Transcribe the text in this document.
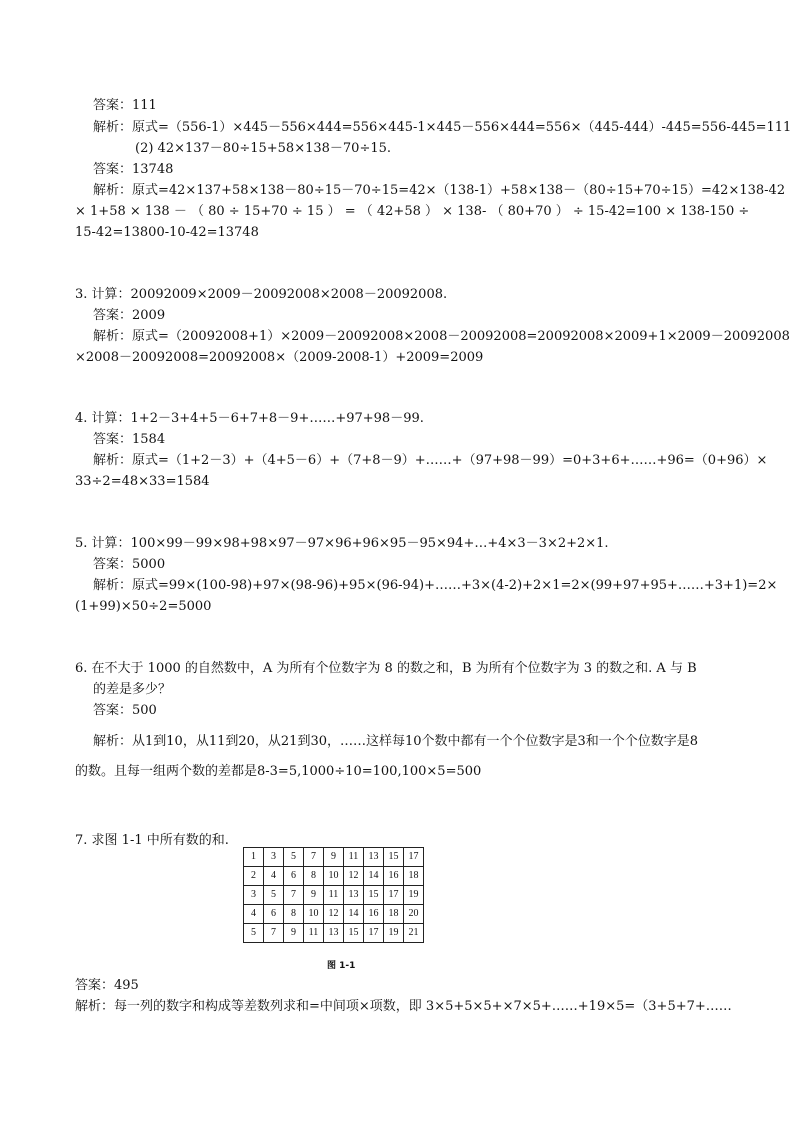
答案：111
解析：原式=（556-1）×445－556×444=556×445-1×445－556×444=556×（445-444）-445=556-445=111
(2) 42×137－80÷15+58×138－70÷15.
答案：13748
解析：原式=42×137+58×138－80÷15－70÷15=42×（138-1）+58×138－（80÷15+70÷15）=42×138-42
× 1+58 × 138 － （ 80 ÷ 15+70 ÷ 15 ） = （ 42+58 ） × 138- （ 80+70 ） ÷ 15-42=100 × 138-150 ÷
15-42=13800-10-42=13748
3. 计算：20092009×2009－20092008×2008－20092008.
答案：2009
解析：原式=（20092008+1）×2009－20092008×2008－20092008=20092008×2009+1×2009－20092008
×2008－20092008=20092008×（2009-2008-1）+2009=2009
4. 计算：1+2－3+4+5－6+7+8－9+……+97+98－99.
答案：1584
解析：原式=（1+2－3）+（4+5－6）+（7+8－9）+……+（97+98－99）=0+3+6+……+96=（0+96）×
33÷2=48×33=1584
5. 计算：100×99－99×98+98×97－97×96+96×95－95×94+…+4×3－3×2+2×1.
答案：5000
解析：原式=99×(100-98)+97×(98-96)+95×(96-94)+……+3×(4-2)+2×1=2×(99+97+95+……+3+1)=2×
(1+99)×50÷2=5000
6. 在不大于 1000 的自然数中，A 为所有个位数字为 8 的数之和，B 为所有个位数字为 3 的数之和. A 与 B
的差是多少？
答案：500
解析：从1到10，从11到20，从21到30，……这样每10个数中都有一个个位数字是3和一个个位数字是8
的数。且每一组两个数的差都是8-3=5,1000÷10=100,100×5=500
7. 求图 1-1 中所有数的和.
1	3	5	7	9	11	13	15	17
2	4	6	8	10	12	14	16	18
3	5	7	9	11	13	15	17	19
4	6	8	10	12	14	16	18	20
5	7	9	11	13	15	17	19	21
图 1-1
答案：495
解析：每一列的数字和构成等差数列求和=中间项×项数，即 3×5+5×5+×7×5+……+19×5=（3+5+7+……
